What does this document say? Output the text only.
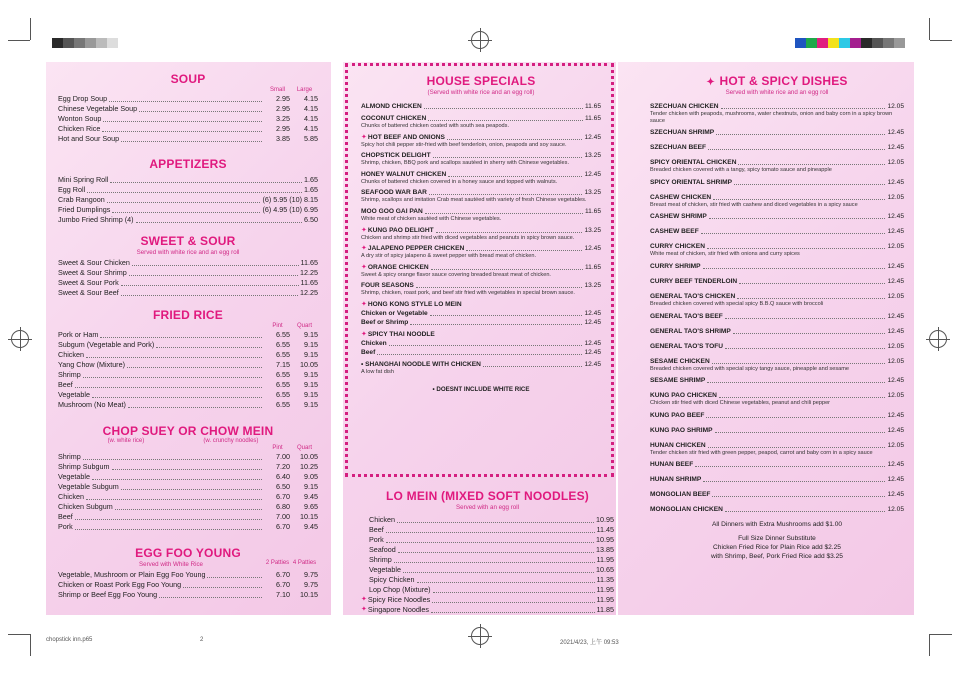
SOUP
Small	Large
Egg Drop Soup	2.95	4.15
Chinese Vegetable Soup	2.95	4.15
Wonton Soup	3.25	4.15
Chicken Rice	2.95	4.15
Hot and Sour Soup	3.85	5.85
APPETIZERS
Mini Spring Roll	1.65
Egg Roll	1.65
Crab Rangoon	(6) 5.95 (10) 8.15
Fried Dumplings	(6) 4.95 (10) 6.95
Jumbo Fried Shrimp (4)	6.50
SWEET & SOUR
Served with white rice and an egg roll
Sweet & Sour Chicken	11.65
Sweet & Sour Shrimp	12.25
Sweet & Sour Pork	11.65
Sweet & Sour Beef	12.25
FRIED RICE
Pint	Quart
Pork or Ham	6.55	9.15
Subgum (Vegetable and Pork)	6.55	9.15
Chicken	6.55	9.15
Yang Chow (Mixture)	7.15	10.05
Shrimp	6.55	9.15
Beef	6.55	9.15
Vegetable	6.55	9.15
Mushroom (No Meat)	6.55	9.15
CHOP SUEY OR CHOW MEIN
(w. white rice)	(w. crunchy noodles)
Pint	Quart
Shrimp	7.00	10.05
Shrimp Subgum	7.20	10.25
Vegetable	6.40	9.05
Vegetable Subgum	6.50	9.15
Chicken	6.70	9.45
Chicken Subgum	6.80	9.65
Beef	7.00	10.15
Pork	6.70	9.45
EGG FOO YOUNG
Served with White Rice	2 Patties 4 Patties
Vegetable, Mushroom or Plain Egg Foo Young	6.70	9.75
Chicken or Roast Pork Egg Foo Young	6.70	9.75
Shrimp or Beef Egg Foo Young	7.10	10.15
HOUSE SPECIALS
(Served with white rice and an egg roll)
ALMOND CHICKEN	11.65
COCONUT CHICKEN	11.65
Chunks of battered chicken coated with south sea peapods.
✦ HOT BEEF AND ONIONS	12.45
Spicy hot chili pepper stir-fried with beef tenderloin, onion, peapods and soy sauce.
CHOPSTICK DELIGHT	13.25
Shrimp, chicken, BBQ pork and scallops sautéed in sherry with Chinese vegetables.
HONEY WALNUT CHICKEN	12.45
Chunks of battered chicken covered in a honey sauce and topped with walnuts.
SEAFOOD WAR BAR	13.25
Shrimp, scallops and imitation Crab meat sautéed with variety of fresh Chinese vegetables.
MOO GOO GAI PAN	11.65
White meat of chicken sautéed with Chinese vegetables.
✦ KUNG PAO DELIGHT	13.25
Chicken and shrimp stir fried with diced vegetables and peanuts in spicy brown sauce.
✦ JALAPENO PEPPER CHICKEN	12.45
A dry stir of spicy jalapeno & sweet pepper with bread meat of chicken.
✦ ORANGE CHICKEN	11.65
Sweet & spicy orange flavor sauce covering breaded breast meat of chicken.
FOUR SEASONS	13.25
Shrimp, chicken, roast pork, and beef stir fried with vegetables in special brown sauce.
✦ HONG KONG STYLE LO MEIN
Chicken or Vegetable	12.45
Beef or Shrimp	12.45
✦ SPICY THAI NOODLE
Chicken	12.45
Beef	12.45
• SHANGHAI NOODLE WITH CHICKEN	12.45
A low fat dish
• DOESNT INCLUDE WHITE RICE
LO MEIN (MIXED SOFT NOODLES)
Served with an egg roll
Chicken	10.95
Beef	11.45
Pork	10.95
Seafood	13.85
Shrimp	11.95
Vegetable	10.65
Spicy Chicken	11.35
Lop Chop (Mixture)	11.95
✦ Spicy Rice Noodles	11.95
✦ Singapore Noodles	11.85
✦ HOT & SPICY DISHES
Served with white rice and an egg roll
SZECHUAN CHICKEN	12.05
Tender chicken with peapods, mushrooms, water chestnuts, onion and baby corn in a spicy brown sauce
SZECHUAN SHRIMP	12.45
SZECHUAN BEEF	12.45
SPICY ORIENTAL CHICKEN	12.05
Breaded chicken covered with a tangy, spicy tomato sauce and pineapple
SPICY ORIENTAL SHRIMP	12.45
CASHEW CHICKEN	12.05
Breast meat of chicken, stir fried with cashew and diced vegetables in a spicy sauce
CASHEW SHRIMP	12.45
CASHEW BEEF	12.45
CURRY CHICKEN	12.05
White meat of chicken, stir fried with onions and curry spices
CURRY SHRIMP	12.45
CURRY BEEF TENDERLOIN	12.45
GENERAL TAO'S CHICKEN	12.05
Breaded chicken covered with special spicy B.B.Q sauce with broccoli
GENERAL TAO'S BEEF	12.45
GENERAL TAO'S SHRIMP	12.45
GENERAL TAO'S TOFU	12.05
SESAME CHICKEN	12.05
Breaded chicken covered with special spicy tangy sauce, pineapple and sesame
SESAME SHRIMP	12.45
KUNG PAO CHICKEN	12.05
Chicken stir fried with diced Chinese vegetables, peanut and chili pepper
KUNG PAO BEEF	12.45
KUNG PAO SHRIMP	12.45
HUNAN CHICKEN	12.05
Tender chicken stir fried with green pepper, peapod, carrot and baby corn in a spicy sauce
HUNAN BEEF	12.45
HUNAN SHRIMP	12.45
MONGOLIAN BEEF	12.45
MONGOLIAN CHICKEN	12.05
All Dinners with Extra Mushrooms add $1.00
Full Size Dinner Substitute
Chicken Fried Rice for Plain Rice add $2.25
with Shrimp, Beef, Pork Fried Rice add $3.25
chopstick inn.p65	2	2021/4/23, 上午 09:53
